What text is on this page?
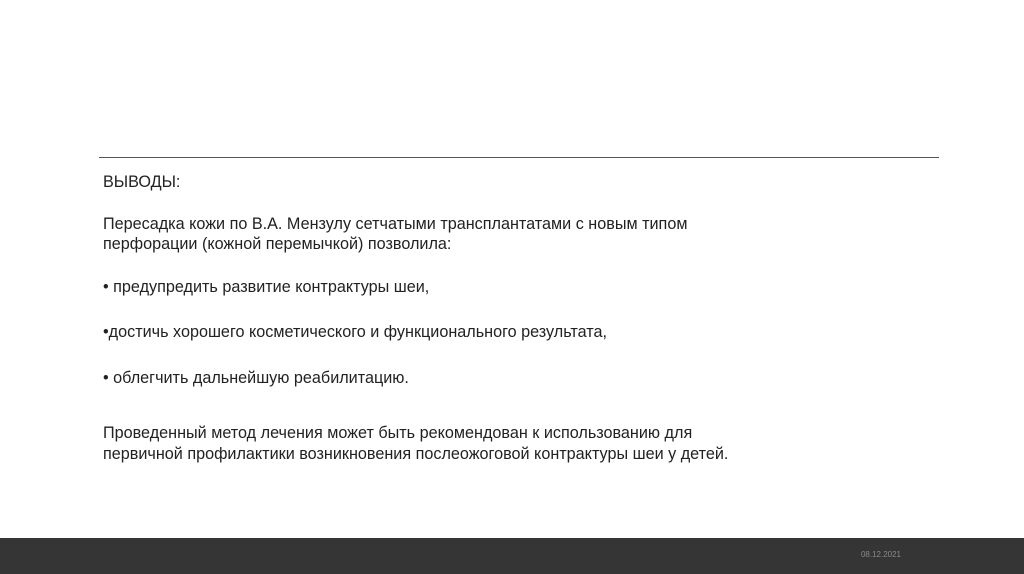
ВЫВОДЫ:

Пересадка кожи по В.А. Мензулу сетчатыми трансплантатами с новым типом

перфорации (кожной перемычкой) позволила:

• предупредить развитие контрактуры шеи,

•достичь хорошего косметического и функционального результата,

• облегчить дальнейшую реабилитацию.

Проведенный метод лечения может быть рекомендован к использованию для

первичной профилактики возникновения послеожоговой контрактуры шеи у детей.

08.12.2021
